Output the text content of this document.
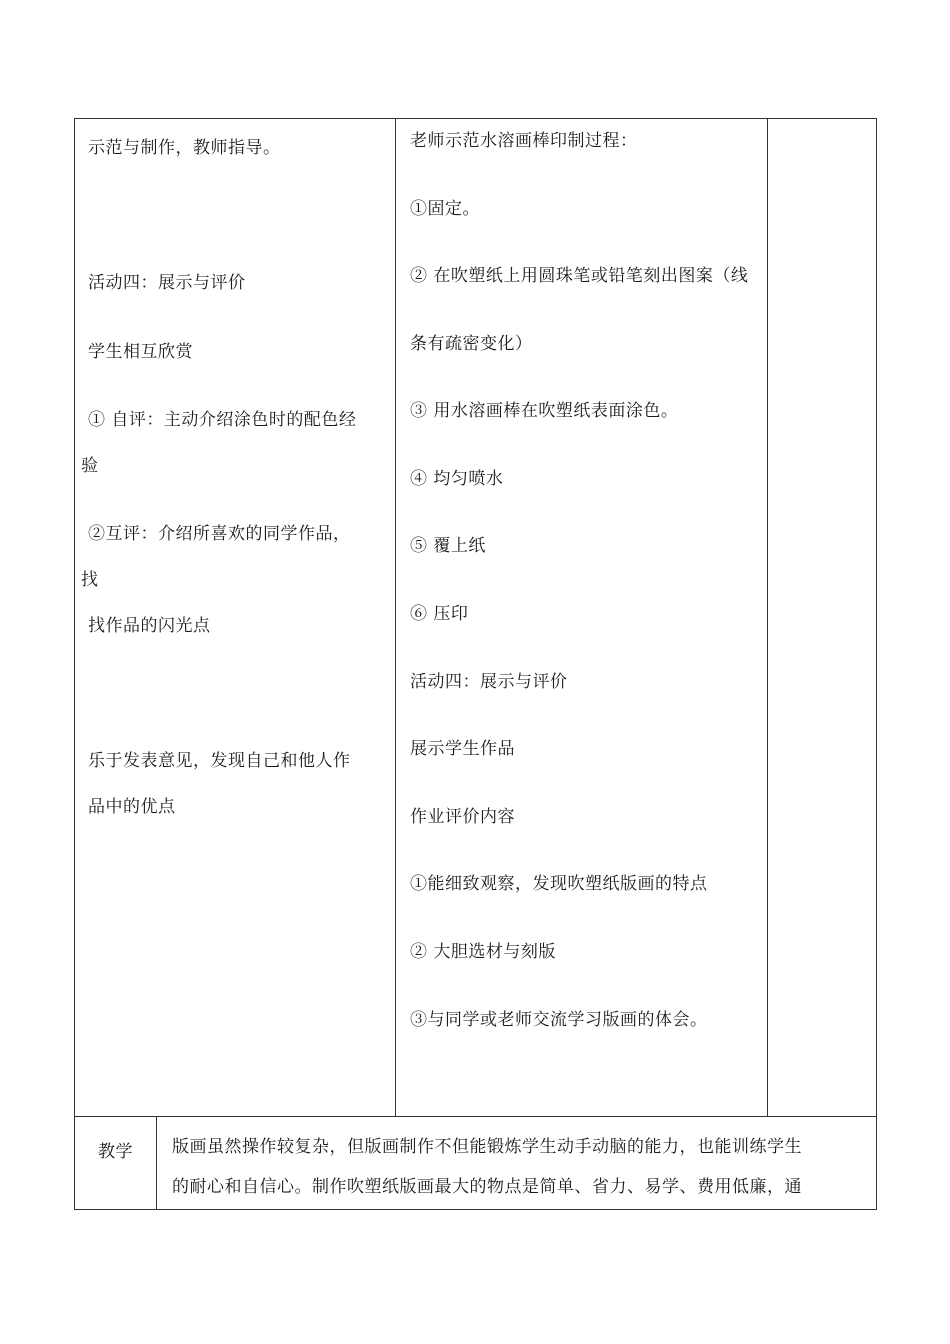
示范与制作，教师指导。
活动四：展示与评价
学生相互欣赏
① 自评：主动介绍涂色时的配色经
验
②互评：介绍所喜欢的同学作品，
找
找作品的闪光点
乐于发表意见，发现自己和他人作
品中的优点
老师示范水溶画棒印制过程：
①固定。
② 在吹塑纸上用圆珠笔或铅笔刻出图案（线
条有疏密变化）
③ 用水溶画棒在吹塑纸表面涂色。
④ 均匀喷水
⑤ 覆上纸
⑥ 压印
活动四：展示与评价
展示学生作品
作业评价内容
①能细致观察，发现吹塑纸版画的特点
② 大胆选材与刻版
③与同学或老师交流学习版画的体会。
教学 版画虽然操作较复杂，但版画制作不但能锻炼学生动手动脑的能力，也能训练学生
的耐心和自信心。制作吹塑纸版画最大的物点是简单、省力、易学、费用低廉，通
